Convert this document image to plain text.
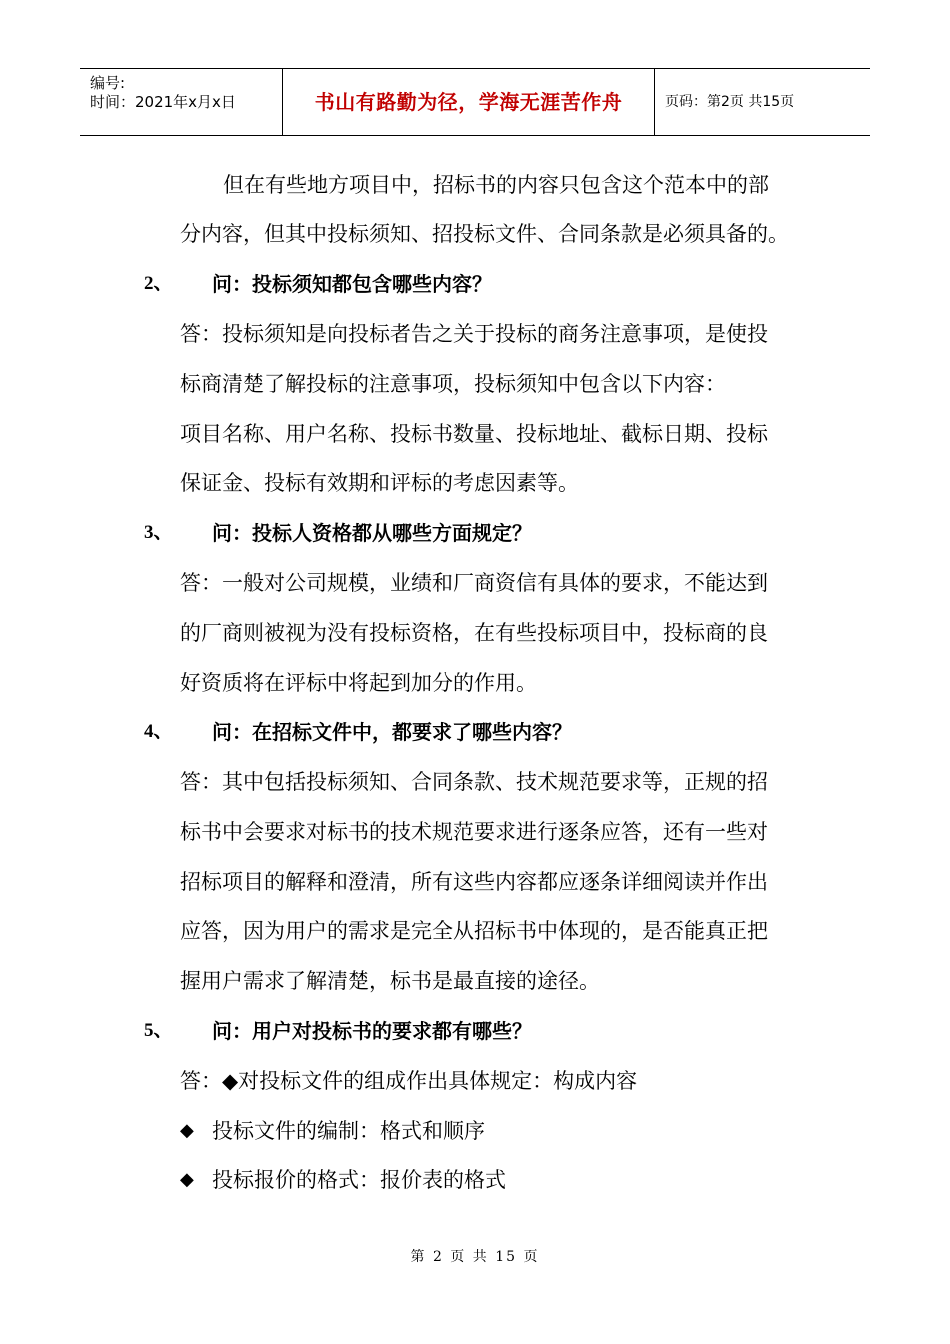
编号:
时间：2021年x月x日	书山有路勤为径，学海无涯苦作舟	页码：第2页 共15页
但在有些地方项目中，招标书的内容只包含这个范本中的部
分内容，但其中投标须知、招投标文件、合同条款是必须具备的。
2、 问：投标须知都包含哪些内容？
答：投标须知是向投标者告之关于投标的商务注意事项，是使投
标商清楚了解投标的注意事项，投标须知中包含以下内容：
项目名称、用户名称、投标书数量、投标地址、截标日期、投标
保证金、投标有效期和评标的考虑因素等。
3、 问：投标人资格都从哪些方面规定？
答：一般对公司规模，业绩和厂商资信有具体的要求，不能达到
的厂商则被视为没有投标资格，在有些投标项目中，投标商的良
好资质将在评标中将起到加分的作用。
4、 问：在招标文件中，都要求了哪些内容？
答：其中包括投标须知、合同条款、技术规范要求等，正规的招
标书中会要求对标书的技术规范要求进行逐条应答，还有一些对
招标项目的解释和澄清，所有这些内容都应逐条详细阅读并作出
应答，因为用户的需求是完全从招标书中体现的，是否能真正把
握用户需求了解清楚，标书是最直接的途径。
5、 问：用户对投标书的要求都有哪些？
答：◆对投标文件的组成作出具体规定：构成内容
◆ 投标文件的编制：格式和顺序
◆ 投标报价的格式：报价表的格式
第 2 页 共 15 页
